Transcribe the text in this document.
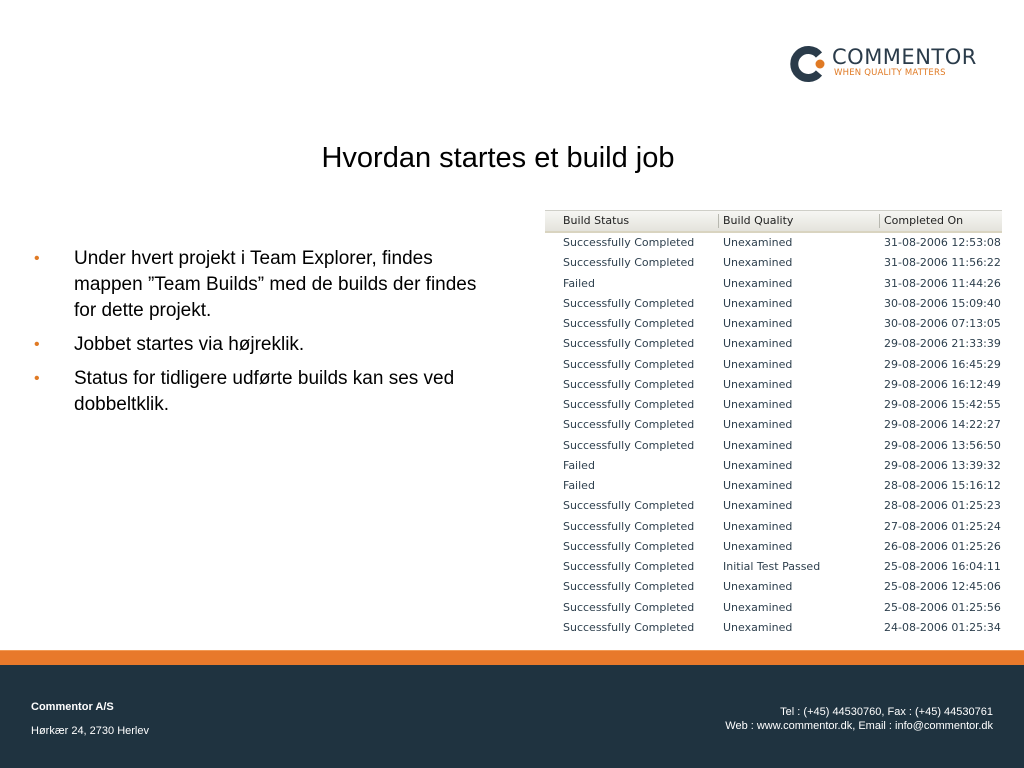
COMMENTOR
WHEN QUALITY MATTERS
Hvordan startes et build job
• Under hvert projekt i Team Explorer, findes mappen ”Team Builds” med de builds der findes for dette projekt.
• Jobbet startes via højreklik.
• Status for tidligere udførte builds kan ses ved dobbeltklik.
Build Status	Build Quality	Completed On
Successfully Completed	Unexamined	31-08-2006 12:53:08
Successfully Completed	Unexamined	31-08-2006 11:56:22
Failed	Unexamined	31-08-2006 11:44:26
Successfully Completed	Unexamined	30-08-2006 15:09:40
Successfully Completed	Unexamined	30-08-2006 07:13:05
Successfully Completed	Unexamined	29-08-2006 21:33:39
Successfully Completed	Unexamined	29-08-2006 16:45:29
Successfully Completed	Unexamined	29-08-2006 16:12:49
Successfully Completed	Unexamined	29-08-2006 15:42:55
Successfully Completed	Unexamined	29-08-2006 14:22:27
Successfully Completed	Unexamined	29-08-2006 13:56:50
Failed	Unexamined	29-08-2006 13:39:32
Failed	Unexamined	28-08-2006 15:16:12
Successfully Completed	Unexamined	28-08-2006 01:25:23
Successfully Completed	Unexamined	27-08-2006 01:25:24
Successfully Completed	Unexamined	26-08-2006 01:25:26
Successfully Completed	Initial Test Passed	25-08-2006 16:04:11
Successfully Completed	Unexamined	25-08-2006 12:45:06
Successfully Completed	Unexamined	25-08-2006 01:25:56
Successfully Completed	Unexamined	24-08-2006 01:25:34
Commentor A/S
Hørkær 24, 2730 Herlev
Tel : (+45) 44530760, Fax : (+45) 44530761
Web : www.commentor.dk, Email : info@commentor.dk
